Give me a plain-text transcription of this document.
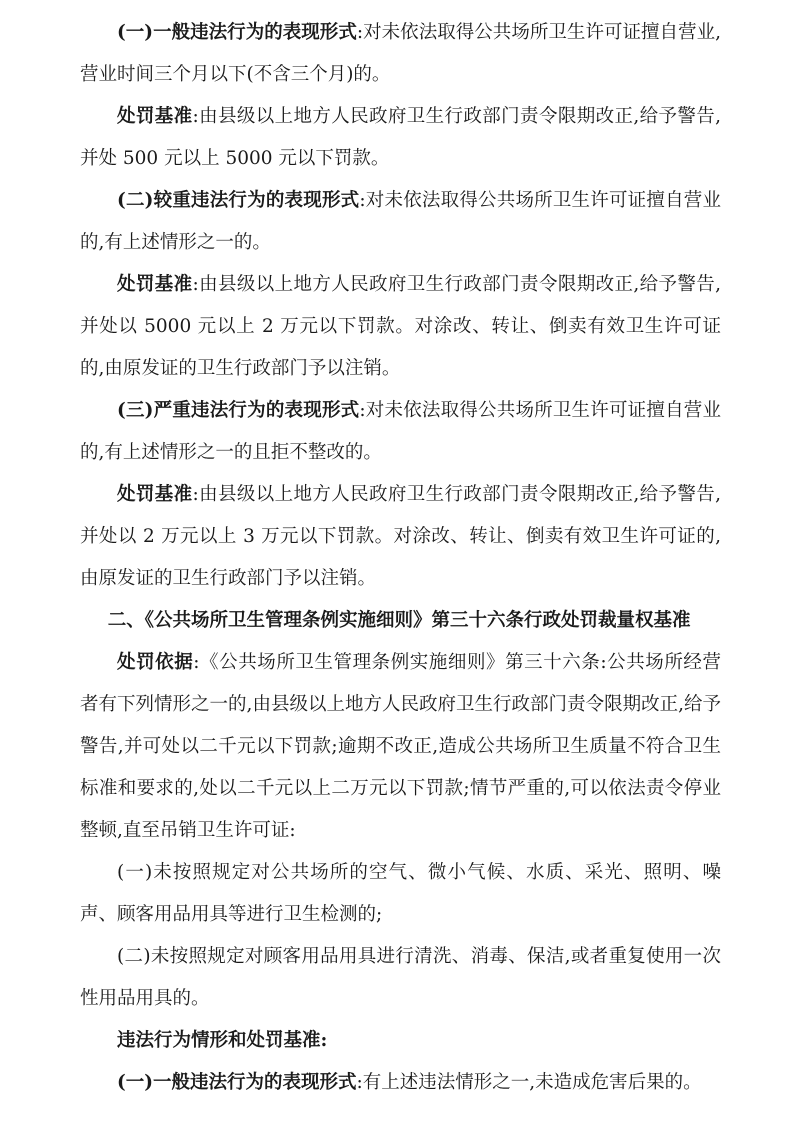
(一)一般违法行为的表现形式:对未依法取得公共场所卫生许可证擅自营业,营业时间三个月以下(不含三个月)的。

处罚基准:由县级以上地方人民政府卫生行政部门责令限期改正,给予警告,并处 500 元以上 5000 元以下罚款。

(二)较重违法行为的表现形式:对未依法取得公共场所卫生许可证擅自营业的,有上述情形之一的。

处罚基准:由县级以上地方人民政府卫生行政部门责令限期改正,给予警告,并处以 5000 元以上 2 万元以下罚款。对涂改、转让、倒卖有效卫生许可证的,由原发证的卫生行政部门予以注销。

(三)严重违法行为的表现形式:对未依法取得公共场所卫生许可证擅自营业的,有上述情形之一的且拒不整改的。

处罚基准:由县级以上地方人民政府卫生行政部门责令限期改正,给予警告,并处以 2 万元以上 3 万元以下罚款。对涂改、转让、倒卖有效卫生许可证的,由原发证的卫生行政部门予以注销。

二、《公共场所卫生管理条例实施细则》第三十六条行政处罚裁量权基准

处罚依据:《公共场所卫生管理条例实施细则》第三十六条:公共场所经营者有下列情形之一的,由县级以上地方人民政府卫生行政部门责令限期改正,给予警告,并可处以二千元以下罚款;逾期不改正,造成公共场所卫生质量不符合卫生标准和要求的,处以二千元以上二万元以下罚款;情节严重的,可以依法责令停业整顿,直至吊销卫生许可证:

(一)未按照规定对公共场所的空气、微小气候、水质、采光、照明、噪声、顾客用品用具等进行卫生检测的;

(二)未按照规定对顾客用品用具进行清洗、消毒、保洁,或者重复使用一次性用品用具的。

违法行为情形和处罚基准:

(一)一般违法行为的表现形式:有上述违法情形之一,未造成危害后果的。
